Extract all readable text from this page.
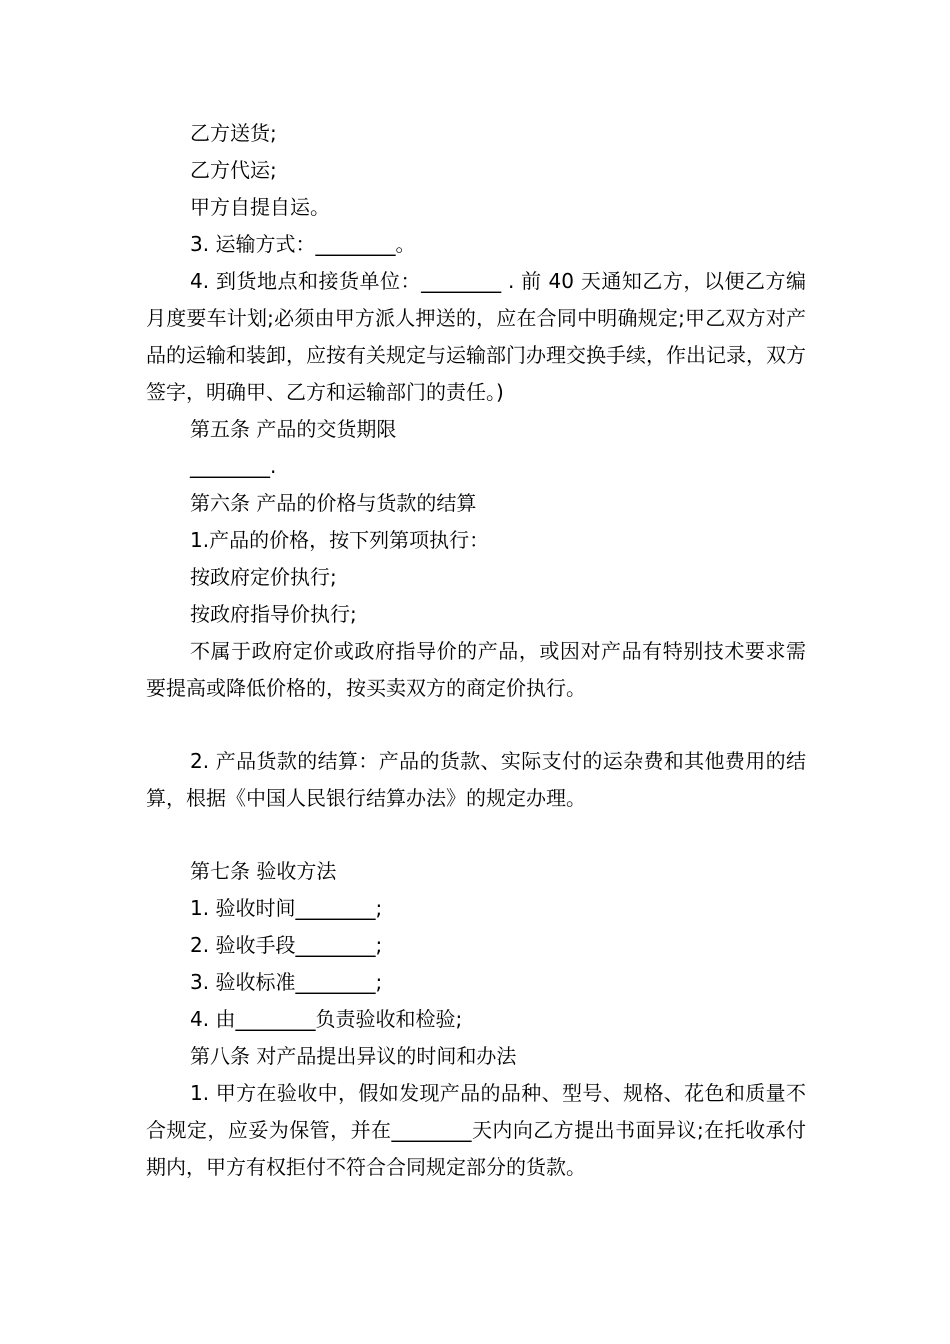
乙方送货;

乙方代运;

甲方自提自运。

3. 运输方式：________。

4. 到货地点和接货单位：________ . 前 40 天通知乙方，以便乙方编月度要车计划;必须由甲方派人押送的，应在合同中明确规定;甲乙双方对产品的运输和装卸，应按有关规定与运输部门办理交换手续，作出记录，双方签字，明确甲、乙方和运输部门的责任。)

第五条 产品的交货期限

________.

第六条 产品的价格与货款的结算

1.产品的价格，按下列第项执行：

按政府定价执行;

按政府指导价执行;

不属于政府定价或政府指导价的产品，或因对产品有特别技术要求需要提高或降低价格的，按买卖双方的商定价执行。

2. 产品货款的结算：产品的货款、实际支付的运杂费和其他费用的结算，根据《中国人民银行结算办法》的规定办理。

第七条 验收方法

1. 验收时间________;

2. 验收手段________;

3. 验收标准________;

4. 由________负责验收和检验;

第八条 对产品提出异议的时间和办法

1. 甲方在验收中，假如发现产品的品种、型号、规格、花色和质量不合规定，应妥为保管，并在________天内向乙方提出书面异议;在托收承付期内，甲方有权拒付不符合合同规定部分的货款。
